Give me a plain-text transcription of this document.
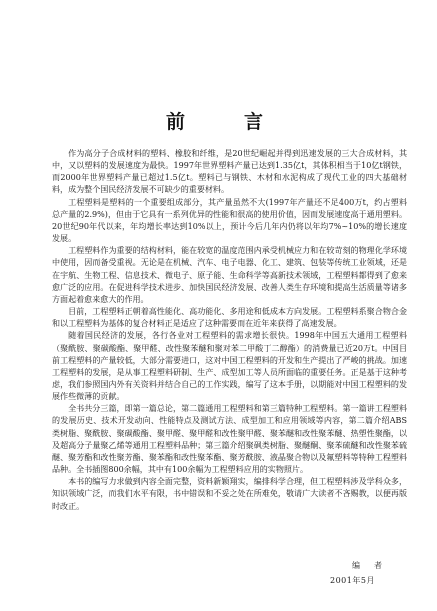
前　言

作为高分子合成材料的塑料、橡胶和纤维，是20世纪崛起并得到迅速发展的三大合成材料，其中，又以塑料的发展速度为最快。1997年世界塑料产量已达到1.35亿t，其体积相当于10亿t钢铁，而2000年世界塑料产量已超过1.5亿t。塑料已与钢铁、木材和水泥构成了现代工业的四大基础材料，成为整个国民经济发展不可缺少的重要材料。

工程塑料是塑料的一个重要组成部分，其产量虽然不大(1997年产量还不足400万t，约占塑料总产量的2.9%)，但由于它具有一系列优异的性能和很高的使用价值，因而发展速度高于通用塑料。20世纪90年代以来，年均增长率达到10%以上，预计今后几年内仍将以年均7%~10%的增长速度发展。

工程塑料作为重要的结构材料，能在较宽的温度范围内承受机械应力和在较苛刻的物理化学环境中使用，因而备受重视。无论是在机械、汽车、电子电器、化工、建筑、包装等传统工业领域，还是在宇航、生物工程、信息技术、微电子、原子能、生命科学等高新技术领域，工程塑料都得到了愈来愈广泛的应用。在促进科学技术进步、加快国民经济发展、改善人类生存环境和提高生活质量等诸多方面起着愈来愈大的作用。

目前，工程塑料正朝着高性能化、高功能化、多用途和低成本方向发展。工程塑料系聚合物合金和以工程塑料为基体的复合材料正是适应了这种需要而在近年来获得了高速发展。

随着国民经济的发展，各行各业对工程塑料的需求增长很快。1998年中国五大通用工程塑料（聚酰胺、聚碳酸酯、聚甲醛、改性聚苯醚和聚对苯二甲酸丁二醇酯）的消费量已近20万t。中国目前工程塑料的产量较低，大部分需要进口，这对中国工程塑料的开发和生产提出了严峻的挑战。加速工程塑料的发展，是从事工程塑料研制、生产、成型加工等人员所面临的重要任务。正是基于这种考虑，我们参照国内外有关资料并结合自己的工作实践，编写了这本手册，以期能对中国工程塑料的发展作些微薄的贡献。

全书共分三篇，即第一篇总论，第二篇通用工程塑料和第三篇特种工程塑料。第一篇讲工程塑料的发展历史、技术开发动向、性能特点及测试方法、成型加工和应用领域等内容，第二篇介绍ABS类树脂、聚酰胺、聚碳酸酯、聚甲醛、聚甲醛和改性聚甲醛、聚苯醚和改性聚苯醚、热塑性聚酯，以及超高分子量聚乙烯等通用工程塑料品种；第三篇介绍聚砜类树脂、聚醚酮、聚苯硫醚和改性聚苯硫醚、聚芳酯和改性聚芳酯、聚苯酯和改性聚苯酯、聚芳酰胺、液晶聚合物以及氟塑料等特种工程塑料品种。全书插图800余幅，其中有100余幅为工程塑料应用的实物照片。

本书的编写力求做到内容全面完整，资料新颖翔实，编排科学合理，但工程塑料涉及学科众多，知识领域广泛，而我们水平有限，书中错误和不妥之处在所难免，敬请广大读者不吝赐教，以便再版时改正。

编　者
2001年5月
